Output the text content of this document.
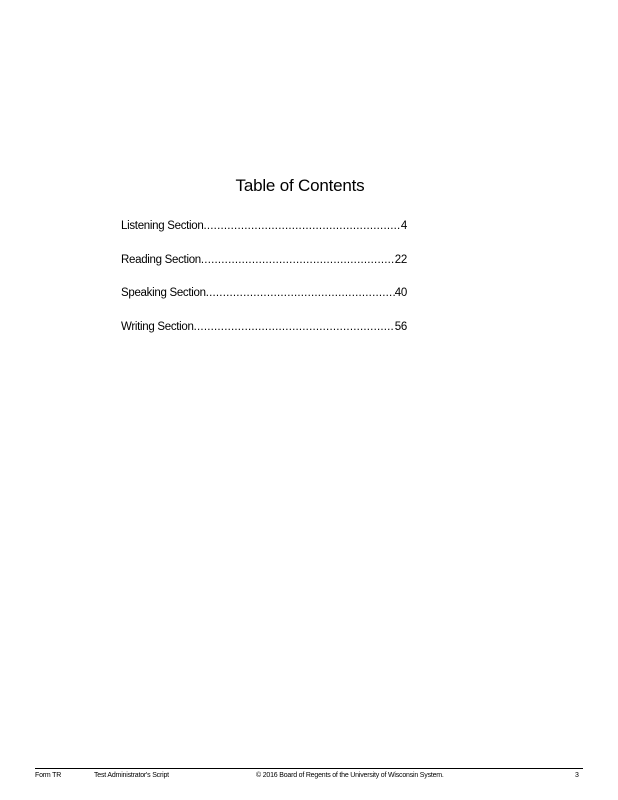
Table of Contents
Listening Section .....	4
Reading Section .....	22
Speaking Section .....	40
Writing Section .....	56
Form TR	Test Administrator's Script	© 2016 Board of Regents of the University of Wisconsin System.	3
